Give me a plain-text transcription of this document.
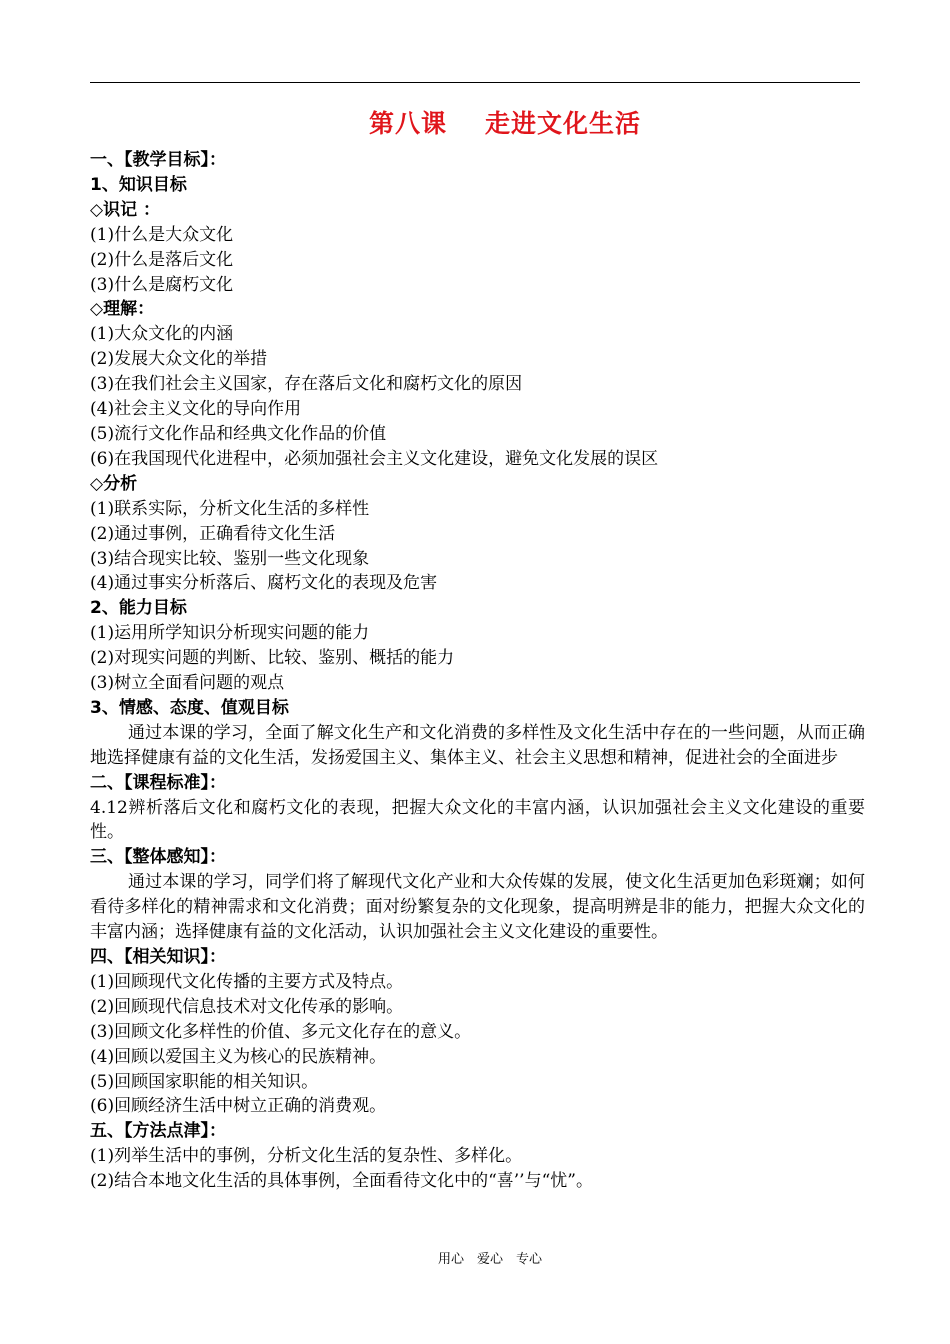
第八课 走进文化生活
一、【教学目标】：
1、知识目标
◇识记 ：
(1)什么是大众文化
(2)什么是落后文化
(3)什么是腐朽文化
◇理解：
(1)大众文化的内涵
(2)发展大众文化的举措
(3)在我们社会主义国家，存在落后文化和腐朽文化的原因
(4)社会主义文化的导向作用
(5)流行文化作品和经典文化作品的价值
(6)在我国现代化进程中，必须加强社会主义文化建设，避免文化发展的误区
◇分析
(1)联系实际，分析文化生活的多样性
(2)通过事例，正确看待文化生活
(3)结合现实比较、鉴别一些文化现象
(4)通过事实分析落后、腐朽文化的表现及危害
2、能力目标
(1)运用所学知识分析现实问题的能力
(2)对现实问题的判断、比较、鉴别、概括的能力
(3)树立全面看问题的观点
3、情感、态度、值观目标
通过本课的学习，全面了解文化生产和文化消费的多样性及文化生活中存在的一些问题，从而正确地选择健康有益的文化生活，发扬爱国主义、集体主义、社会主义思想和精神，促进社会的全面进步
二、【课程标准】：
4.12辨析落后文化和腐朽文化的表现，把握大众文化的丰富内涵，认识加强社会主义文化建设的重要性。
三、【整体感知】：
通过本课的学习，同学们将了解现代文化产业和大众传媒的发展，使文化生活更加色彩斑斓；如何看待多样化的精神需求和文化消费；面对纷繁复杂的文化现象，提高明辨是非的能力，把握大众文化的丰富内涵；选择健康有益的文化活动，认识加强社会主义文化建设的重要性。
四、【相关知识】：
(1)回顾现代文化传播的主要方式及特点。
(2)回顾现代信息技术对文化传承的影响。
(3)回顾文化多样性的价值、多元文化存在的意义。
(4)回顾以爱国主义为核心的民族精神。
(5)回顾国家职能的相关知识。
(6)回顾经济生活中树立正确的消费观。
五、【方法点津】：
(1)列举生活中的事例，分析文化生活的复杂性、多样化。
(2)结合本地文化生活的具体事例，全面看待文化中的“喜’’与“忧”。
用心　爱心　专心
